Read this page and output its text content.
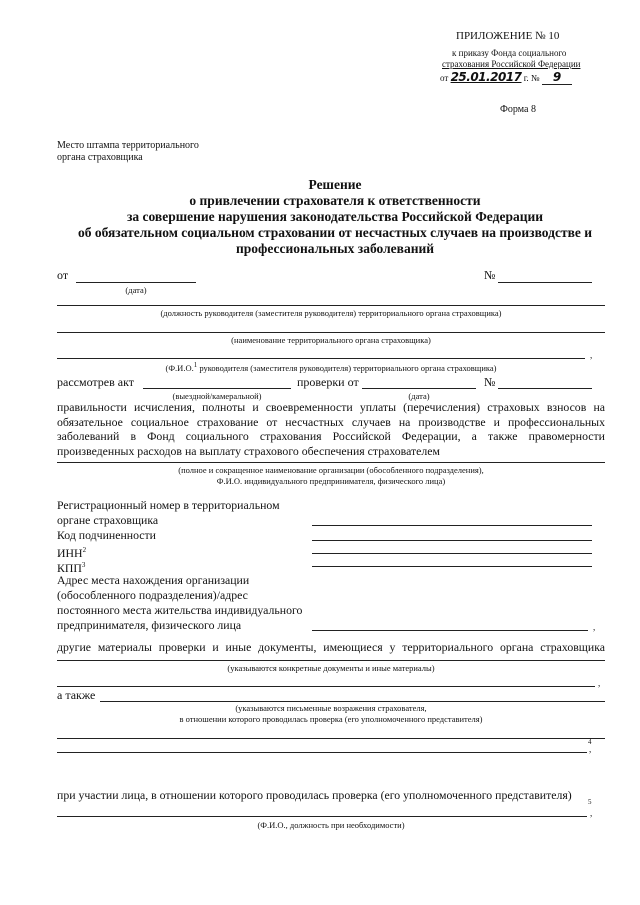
ПРИЛОЖЕНИЕ № 10
к приказу Фонда социального
страхования Российской Федерации
от 25.01.2017 г. № 9
Форма 8
Место штампа территориального
органа страховщика
Решение
о привлечении страхователя к ответственности
за совершение нарушения законодательства Российской Федерации
об обязательном социальном страховании от несчастных случаев на производстве и
профессиональных заболеваний
от
(дата)
№
(должность руководителя (заместителя руководителя) территориального органа страховщика)
(наименование территориального органа страховщика)
,
(Ф.И.О.$^1$ руководителя (заместителя руководителя) территориального органа страховщика)
рассмотрев акт
(выездной/камеральной)
проверки от
(дата)
№
правильности исчисления, полноты и своевременности уплаты (перечисления) страховых взносов на обязательное социальное страхование от несчастных случаев на производстве и профессиональных заболеваний в Фонд социального страхования Российской Федерации, а также правомерности произведенных расходов на выплату страхового обеспечения страхователем
(полное и сокращенное наименование организации (обособленного подразделения),
Ф.И.О. индивидуального предпринимателя, физического лица)
Регистрационный номер в территориальном
органе страховщика
Код подчиненности
ИНН$^2$
КПП$^3$
Адрес места нахождения организации
(обособленного подразделения)/адрес
постоянного места жительства индивидуального
предпринимателя, физического лица	,
другие материалы проверки и иные документы, имеющиеся у территориального органа страховщика
(указываются конкретные документы и иные материалы)
,
а также
(указываются письменные возражения страхователя,
в отношении которого проводилась проверка (его уполномоченного представителя)
4
,
при участии лица, в отношении которого проводилась проверка (его уполномоченного представителя) 5
,
(Ф.И.О., должность при необходимости)
